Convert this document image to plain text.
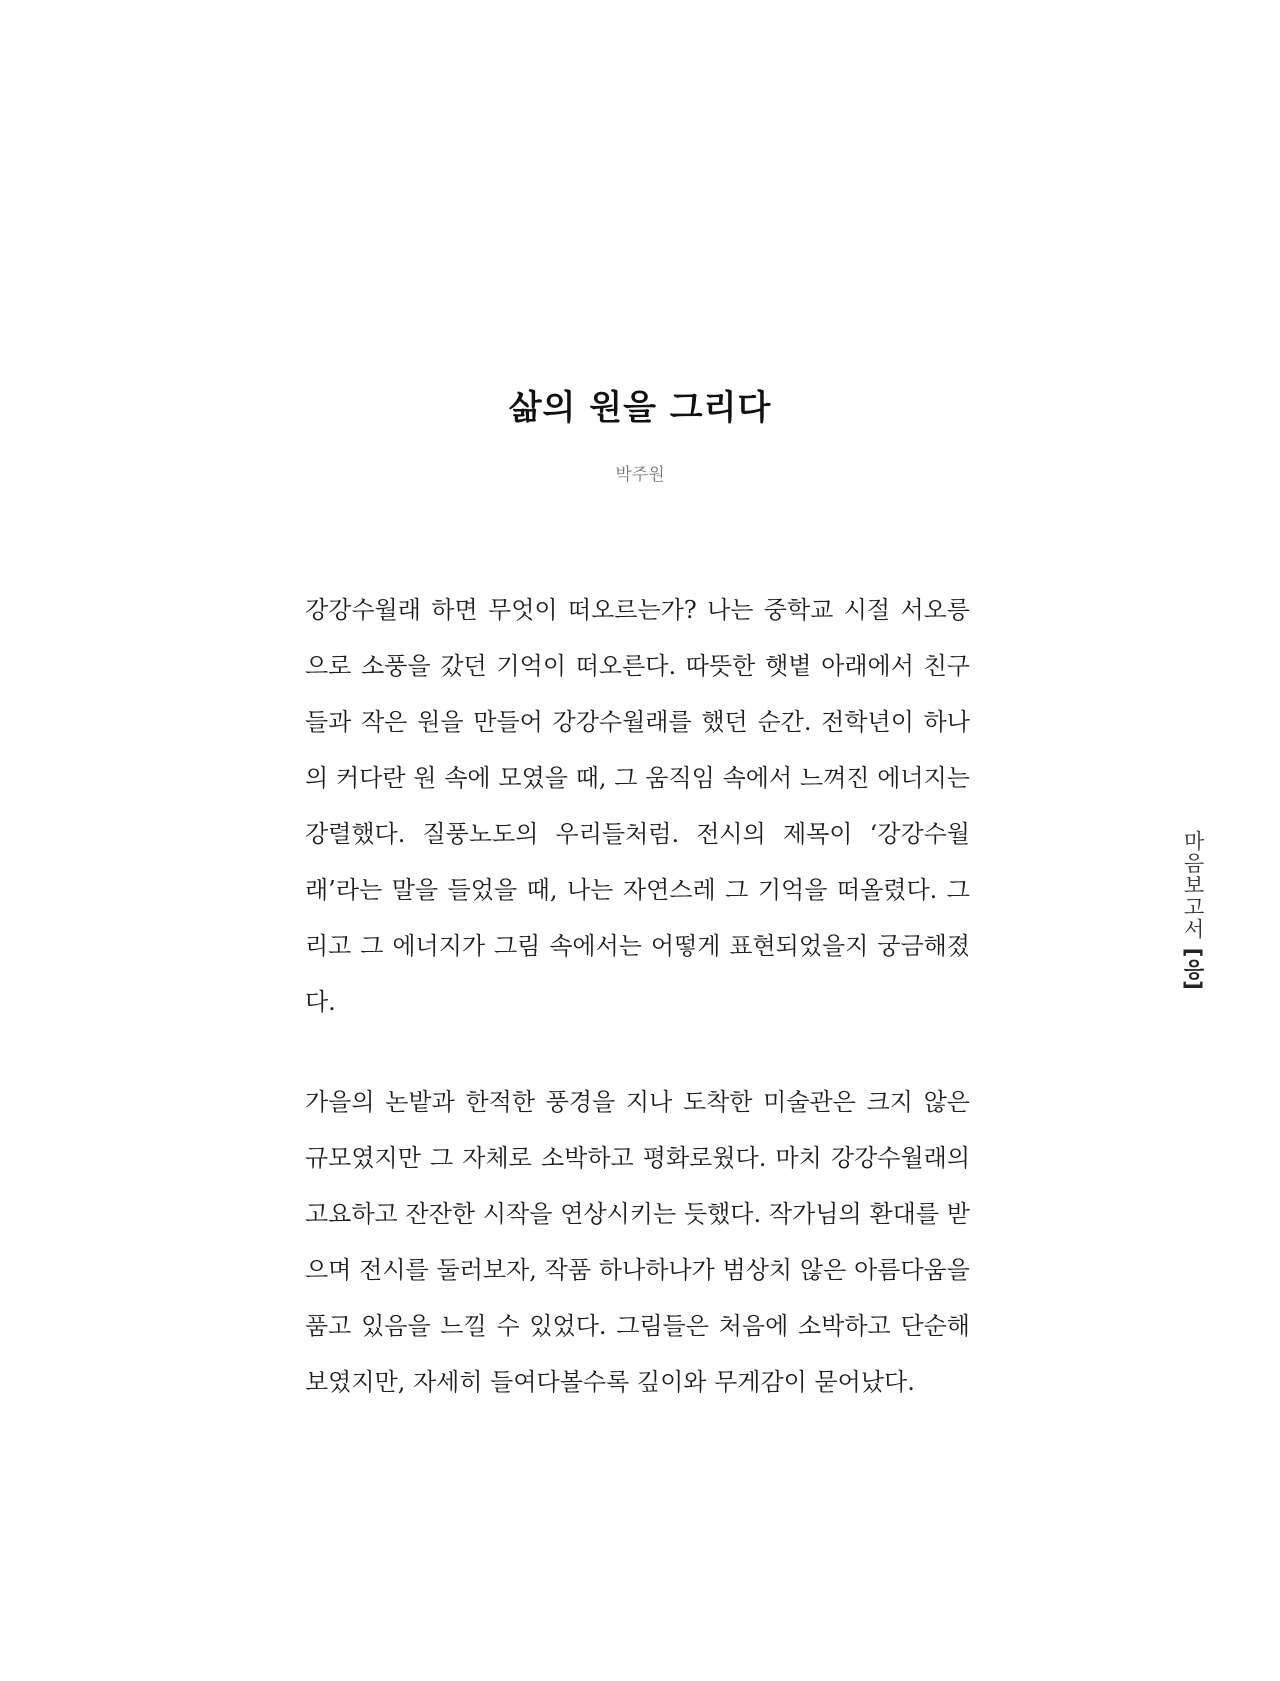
삶의 원을 그리다

박주원

강강수월래 하면 무엇이 떠오르는가? 나는 중학교 시절 서오릉으로 소풍을 갔던 기억이 떠오른다. 따뜻한 햇볕 아래에서 친구들과 작은 원을 만들어 강강수월래를 했던 순간. 전학년이 하나의 커다란 원 속에 모였을 때, 그 움직임 속에서 느껴진 에너지는 강렬했다. 질풍노도의 우리들처럼. 전시의 제목이 ‘강강수월래’라는 말을 들었을 때, 나는 자연스레 그 기억을 떠올렸다. 그리고 그 에너지가 그림 속에서는 어떻게 표현되었을지 궁금해졌다.

가을의 논밭과 한적한 풍경을 지나 도착한 미술관은 크지 않은 규모였지만 그 자체로 소박하고 평화로웠다. 마치 강강수월래의 고요하고 잔잔한 시작을 연상시키는 듯했다. 작가님의 환대를 받으며 전시를 둘러보자, 작품 하나하나가 범상치 않은 아름다움을 품고 있음을 느낄 수 있었다. 그림들은 처음에 소박하고 단순해 보였지만, 자세히 들여다볼수록 깊이와 무게감이 묻어났다.

마음보고서 [응]
